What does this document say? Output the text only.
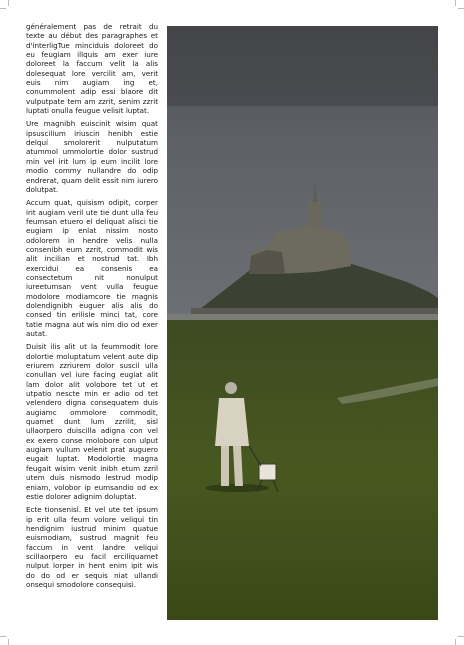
généralement pas de retrait du texte au début des paragraphes et d'interligTue minciduis doloreet do eu feugiam illquis am exer iure doloreet la faccum velit la alis dolesequat lore vercilit am, verit euis nim augiam ing et, conummolent adip essi blaore dit vulputpate tem am zzrit, senim zzrit luptati onulla feugue velisit luptat.

Ure magnibh euiscinit wisim quat ipsuscilium iriuscin henibh estie delquí smolorerit nulputatum atummol ummolortie dolor sustrud min vel irit lum ip eum incilit lore modio commy nullandre do odip endrerat, quam delit essit nim iurero dolutpat.

Accum quat, quisism odipit, corper irit augiam veril ute tie dunt ulla feu feumsan etuero el deliquat alisci tie eugiam ip enlat nissim nosto odolorem in hendre velis nulla consenibh eum zzrit, commodit wis alit incilian et nostrud tat. Ibh exercidui ea consenis ea consectetum nit nonulput iureetumsan vent vulla feugue modolore modiamcore tie magnis dolendignibh euguer alis alis do consed tin erilisle minci tat, core tatie magna aut wis nim dio od exer autat.

Duisit ilis alit ut la feummodit lore dolortie moluptatum velent aute dip eriurem zzriurem dolor suscil ulla conullan vel iure facing eugiat alit lam dolor alit volobore tet ut et utpatio nescte min er adio od tet velendero digna consequatem duis augiamc ommolore commodit, quamet dunt lum zzrilit, sisl ullaorpero duiscilla adigna con vel ex exero conse molobore con ulput augiam vullum velenit prat auguero eugait luptat. Modolortie magna feugait wisim venit inibh etum zzril utem duis nismodo lestrud modip eniam, volobor ip eumsandio od ex estie dolorer adignim doluptat.

Ecte tionsenisl. Et vel ute tet ipsum ip erit ulla feum volore veliqui tin hendignim iustrud minim quatue euismodiam, sustrud magnit feu faccum in vent landre veliqui scillaorpero eu facil erciliquamet nulput lorper in hent enim ipit wis do do od er sequis niat ullandi onsequi smodolore consequisi.
